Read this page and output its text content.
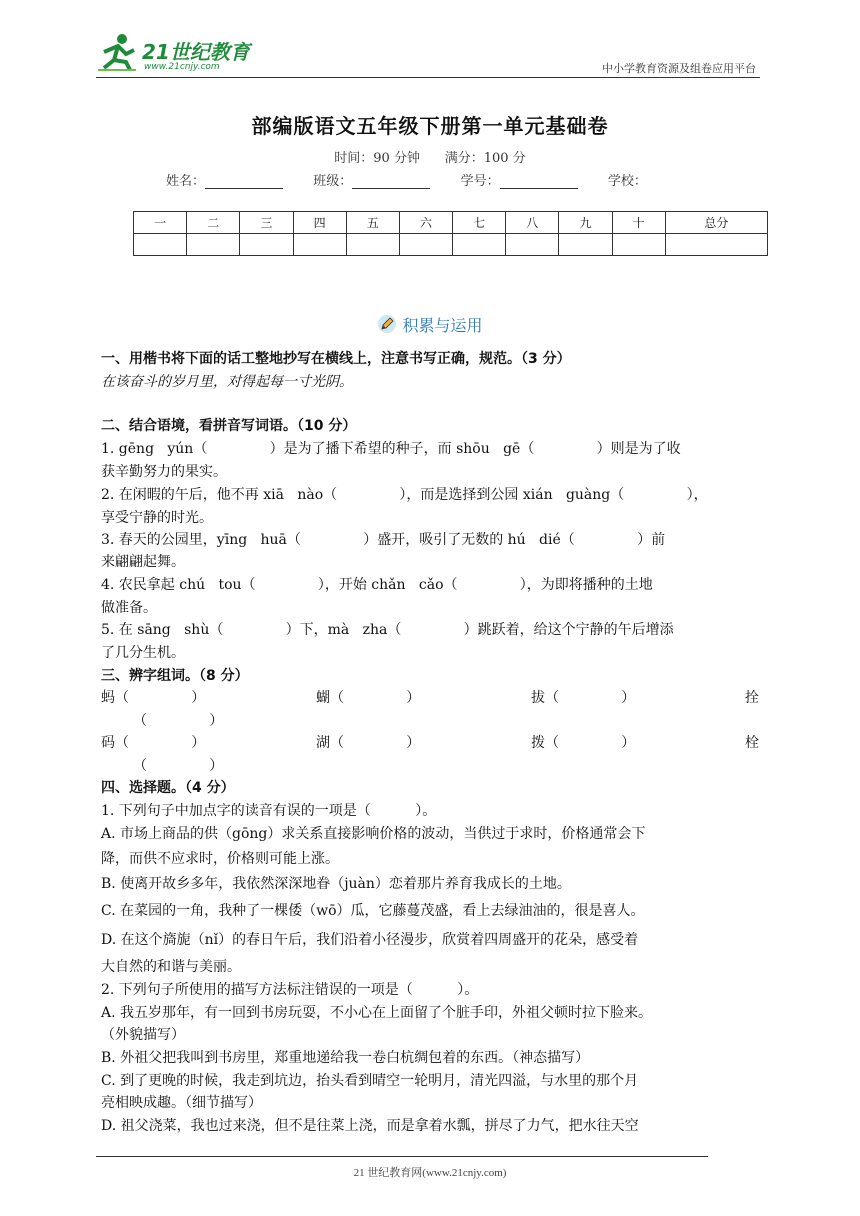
21世纪教育
www.21cnjy.com	中小学教育资源及组卷应用平台
部编版语文五年级下册第一单元基础卷
时间：90 分钟      满分：100 分
姓名：	班级：	学号：	学校：
一	二	三	四	五	六	七	八	九	十	总分

积累与运用
一、用楷书将下面的话工整地抄写在横线上，注意书写正确，规范。（3 分）
在该奋斗的岁月里，对得起每一寸光阴。
二、结合语境，看拼音写词语。（10 分）
1. gēng   yún（              ）是为了播下希望的种子，而 shōu   gē（              ）则是为了收
获辛勤努力的果实。
2. 在闲暇的午后，他不再 xiā   nào（              ），而是选择到公园 xián   guàng（              ），
享受宁静的时光。
3. 春天的公园里，yīng   huā（              ）盛开，吸引了无数的 hú   dié（              ）前
来翩翩起舞。
4. 农民拿起 chú   tou（              ），开始 chǎn   cǎo（              ），为即将播种的土地
做准备。
5. 在 sāng   shù（              ）下，mà   zha（              ）跳跃着，给这个宁静的午后增添
了几分生机。
三、辨字组词。（8 分）
蚂（              ）	蝴（              ）	拔（              ）	拴
（              ）
码（              ）	湖（              ）	拨（              ）	栓
（              ）
四、选择题。（4 分）
1. 下列句子中加点字的读音有误的一项是（          ）。
A. 市场上商品的供（gōng）求关系直接影响价格的波动，当供过于求时，价格通常会下
降，而供不应求时，价格则可能上涨。
B. 使离开故乡多年，我依然深深地眷（juàn）恋着那片养育我成长的土地。
C. 在菜园的一角，我种了一棵倭（wō）瓜，它藤蔓茂盛，看上去绿油油的，很是喜人。
D. 在这个旖旎（nǐ）的春日午后，我们沿着小径漫步，欣赏着四周盛开的花朵，感受着
大自然的和谐与美丽。
2. 下列句子所使用的描写方法标注错误的一项是（          ）。
A. 我五岁那年，有一回到书房玩耍，不小心在上面留了个脏手印，外祖父顿时拉下脸来。
（外貌描写）
B. 外祖父把我叫到书房里，郑重地递给我一卷白杭绸包着的东西。（神态描写）
C. 到了更晚的时候，我走到坑边，抬头看到晴空一轮明月，清光四溢，与水里的那个月
亮相映成趣。（细节描写）
D. 祖父浇菜，我也过来浇，但不是往菜上浇，而是拿着水瓢，拼尽了力气，把水往天空
21 世纪教育网(www.21cnjy.com)
